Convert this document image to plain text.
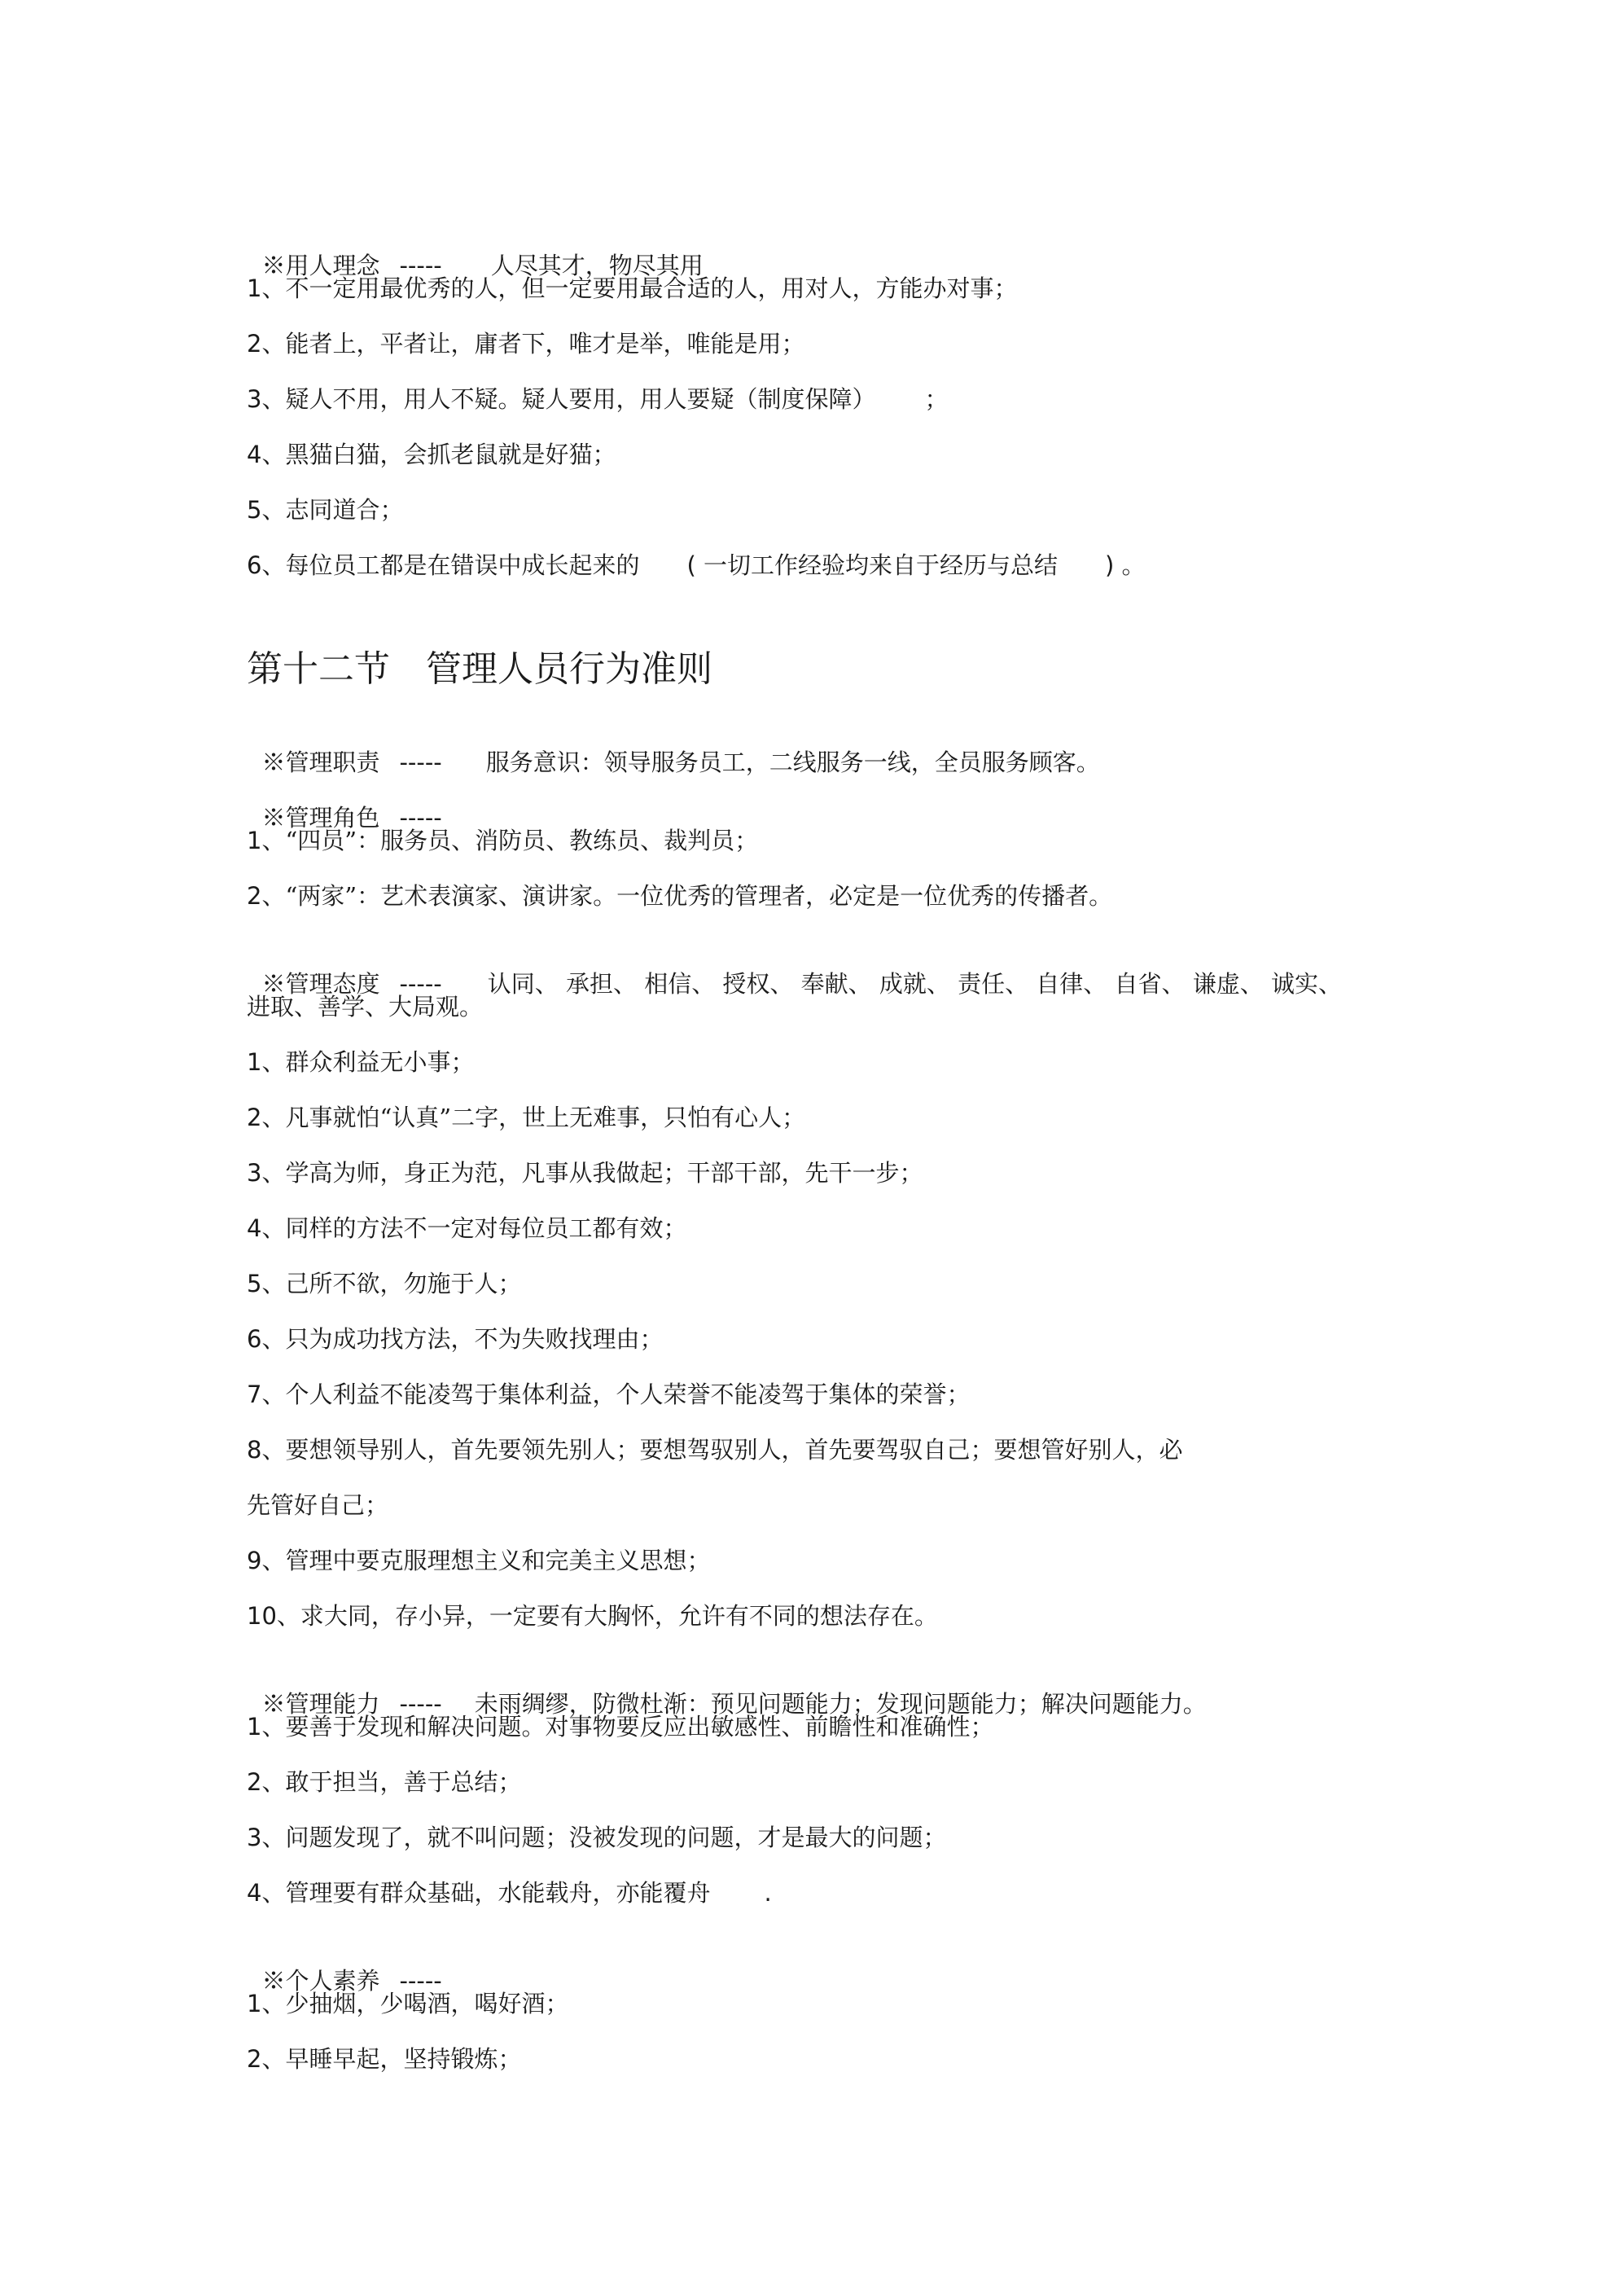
※用人理念 ----- 人尽其才，物尽其用

1、不一定用最优秀的人，但一定要用最合适的人，用对人，方能办对事；
2、能者上，平者让，庸者下，唯才是举，唯能是用；
3、疑人不用，用人不疑。疑人要用，用人要疑（制度保障） ；
4、黑猫白猫，会抓老鼠就是好猫；
5、志同道合；
6、每位员工都是在错误中成长起来的 ( 一切工作经验均来自于经历与总结 ) 。
第十二节　管理人员行为准则

※管理职责 ----- 服务意识：领导服务员工，二线服务一线，全员服务顾客。

※管理角色 -----

1、“四员”：服务员、消防员、教练员、裁判员；
2、“两家”：艺术表演家、演讲家。一位优秀的管理者，必定是一位优秀的传播者。

※管理态度 ----- 认同、 承担、 相信、 授权、 奉献、 成就、 责任、 自律、 自省、 谦虚、 诚实、

进取、善学、大局观。
1、群众利益无小事；
2、凡事就怕“认真”二字，世上无难事，只怕有心人；
3、学高为师，身正为范，凡事从我做起；干部干部，先干一步；
4、同样的方法不一定对每位员工都有效；
5、己所不欲，勿施于人；
6、只为成功找方法，不为失败找理由；
7、个人利益不能凌驾于集体利益，个人荣誉不能凌驾于集体的荣誉；
8、要想领导别人，首先要领先别人；要想驾驭别人，首先要驾驭自己；要想管好别人，必
先管好自己；
9、管理中要克服理想主义和完美主义思想；
10、求大同，存小异，一定要有大胸怀，允许有不同的想法存在。

※管理能力 ----- 未雨绸缪，防微杜渐：预见问题能力；发现问题能力；解决问题能力。

1、要善于发现和解决问题。对事物要反应出敏感性、前瞻性和准确性；
2、敢于担当，善于总结；
3、问题发现了，就不叫问题；没被发现的问题，才是最大的问题；
4、管理要有群众基础，水能载舟，亦能覆舟 .

※个人素养 -----

1、少抽烟，少喝酒，喝好酒；
2、早睡早起，坚持锻炼；
